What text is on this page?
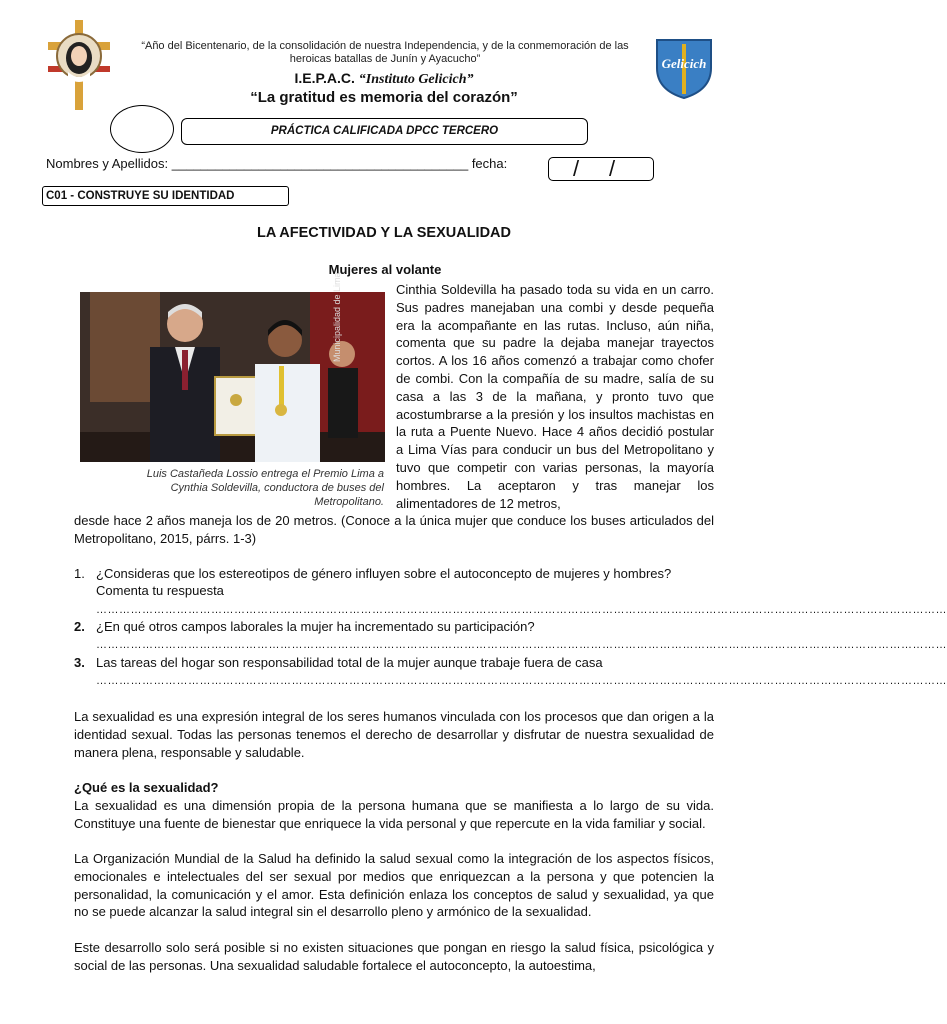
“Año del Bicentenario, de la consolidación de nuestra Independencia, y de la conmemoración de las heroicas batallas de Junín y Ayacucho”
I.E.P.A.C. “Instituto Gelicich”
“La gratitud es memoria del corazón”
Gelicich
PRÁCTICA CALIFICADA DPCC TERCERO
Nombres y Apellidos: _________________________________________ fecha:	/ /
C01 - CONSTRUYE SU IDENTIDAD
LA AFECTIVIDAD Y LA SEXUALIDAD
Mujeres al volante
Municipalidad de Lima
Luis Castañeda Lossio entrega el Premio Lima a Cynthia Soldevilla, conductora de buses del Metropolitano.
Cinthia Soldevilla ha pasado toda su vida en un carro. Sus padres manejaban una combi y desde pequeña era la acompañante en las rutas. Incluso, aún niña, comenta que su padre la dejaba manejar trayectos cortos. A los 16 años comenzó a trabajar como chofer de combi. Con la compañía de su madre, salía de su casa a las 3 de la mañana, y pronto tuvo que acostumbrarse a la presión y los insultos machistas en la ruta a Puente Nuevo. Hace 4 años decidió postular a Lima Vías para conducir un bus del Metropolitano y tuvo que competir con varias personas, la mayoría hombres. La aceptaron y tras manejar los alimentadores de 12 metros,
desde hace 2 años maneja los de 20 metros. (Conoce a la única mujer que conduce los buses articulados del Metropolitano, 2015, párrs. 1-3)
1. ¿Consideras que los estereotipos de género influyen sobre el autoconcepto de mujeres y hombres? Comenta tu respuesta
……………………………………………………………………………………………………………………………………………………………………………………………………
2. ¿En qué otros campos laborales la mujer ha incrementado su participación?
……………………………………………………………………………………………………………………………………………………………………………………………………
3. Las tareas del hogar son responsabilidad total de la mujer aunque trabaje fuera de casa
……………………………………………………………………………………………………………………………………………………………………………………………………
La sexualidad es una expresión integral de los seres humanos vinculada con los procesos que dan origen a la identidad sexual. Todas las personas tenemos el derecho de desarrollar y disfrutar de nuestra sexualidad de manera plena, responsable y saludable.
¿Qué es la sexualidad?
La sexualidad es una dimensión propia de la persona humana que se manifiesta a lo largo de su vida. Constituye una fuente de bienestar que enriquece la vida personal y que repercute en la vida familiar y social.
La Organización Mundial de la Salud ha definido la salud sexual como la integración de los aspectos físicos, emocionales e intelectuales del ser sexual por medios que enriquezcan a la persona y que potencien la personalidad, la comunicación y el amor. Esta definición enlaza los conceptos de salud y sexualidad, ya que no se puede alcanzar la salud integral sin el desarrollo pleno y armónico de la sexualidad.
Este desarrollo solo será posible si no existen situaciones que pongan en riesgo la salud física, psicológica y social de las personas. Una sexualidad saludable fortalece el autoconcepto, la autoestima,
